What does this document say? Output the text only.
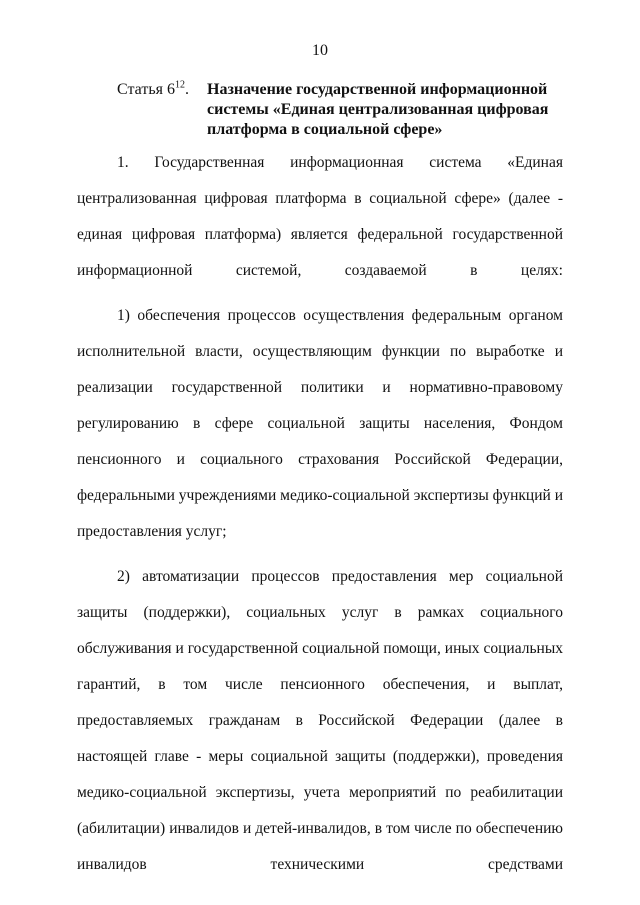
10
Статья $6^{12}$. Назначение государственной информационной системы «Единая централизованная цифровая платформа в социальной сфере»

1. Государственная информационная система «Единая централизованная цифровая платформа в социальной сфере» (далее - единая цифровая платформа) является федеральной государственной информационной системой, создаваемой в целях:

1) обеспечения процессов осуществления федеральным органом исполнительной власти, осуществляющим функции по выработке и реализации государственной политики и нормативно-правовому регулированию в сфере социальной защиты населения, Фондом пенсионного и социального страхования Российской Федерации, федеральными учреждениями медико-социальной экспертизы функций и предоставления услуг;

2) автоматизации процессов предоставления мер социальной защиты (поддержки), социальных услуг в рамках социального обслуживания и государственной социальной помощи, иных социальных гарантий, в том числе пенсионного обеспечения, и выплат, предоставляемых гражданам в Российской Федерации (далее в настоящей главе - меры социальной защиты (поддержки), проведения медико-социальной экспертизы, учета мероприятий по реабилитации (абилитации) инвалидов и детей-инвалидов, в том числе по обеспечению инвалидов техническими средствами
